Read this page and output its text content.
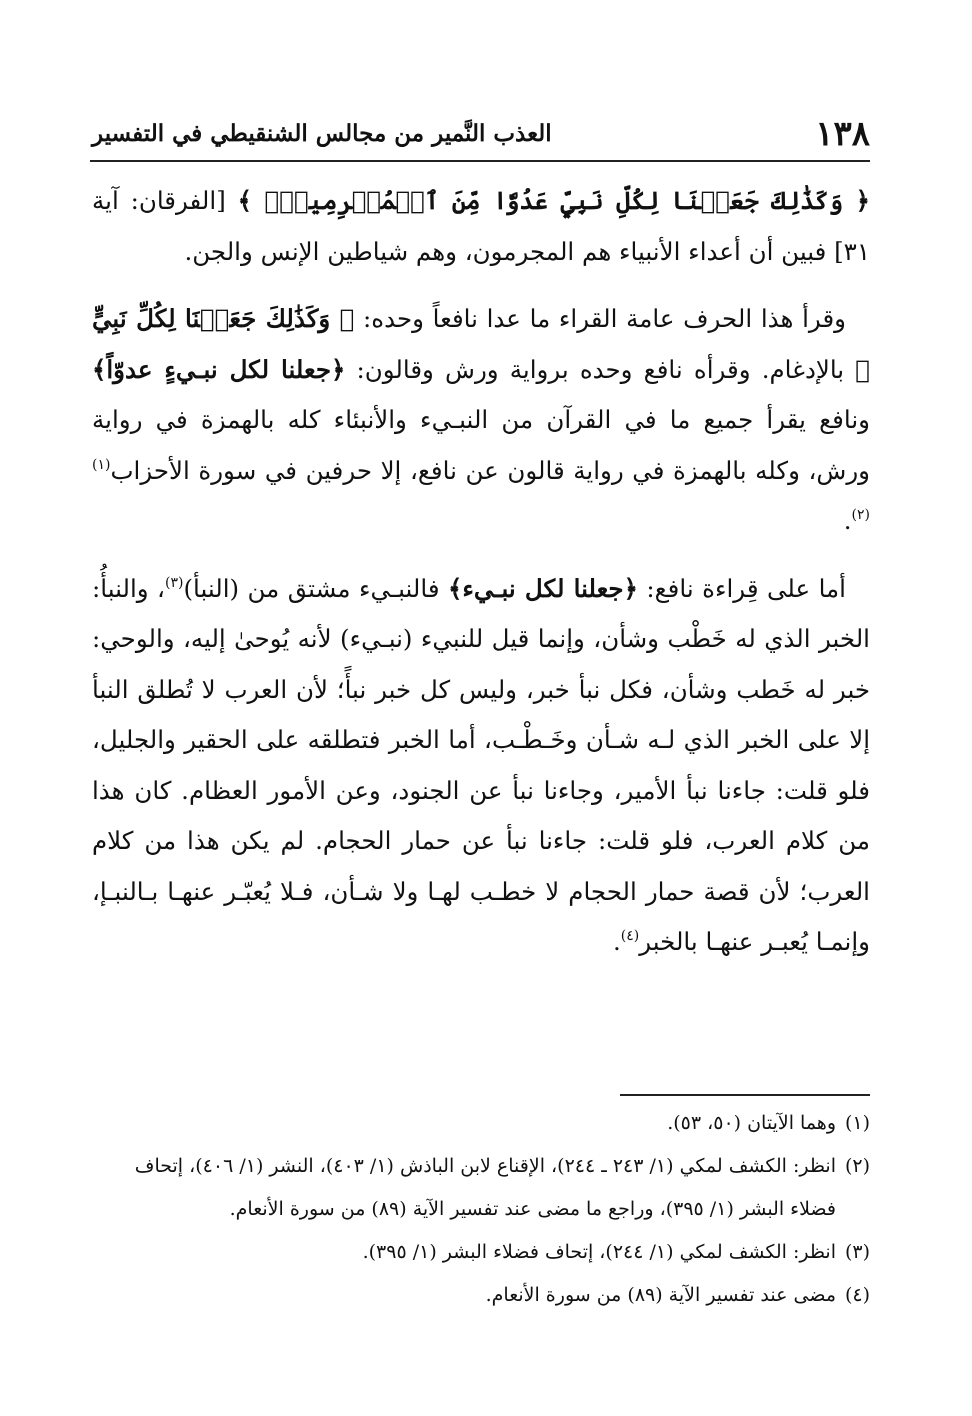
١٣٨
العذب النَّمير من مجالس الشنقيطي في التفسير

﴿ وَكَذَٰلِكَ جَعَلۡنَا لِكُلِّ نَبِيٍّ عَدُوّٗا مِّنَ ٱلۡمُجۡرِمِينَۗ ﴾ [الفرقان: آية ٣١] فبين أن أعداء الأنبياء هم المجرمون، وهم شياطين الإنس والجن.

وقرأ هذا الحرف عامة القراء ما عدا نافعاً وحده: ﴿ وَكَذَٰلِكَ جَعَلۡنَا لِكُلِّ نَبِيٍّ ﴾ بالإدغام. وقرأه نافع وحده برواية ورش وقالون: ﴿جعلنا لكل نبـيءٍ عدوّاً﴾ ونافع يقرأ جميع ما في القرآن من النبـيء والأنبئاء كله بالهمزة في رواية ورش، وكله بالهمزة في رواية قالون عن نافع، إلا حرفين في سورة الأحزاب$^{(١) (٢)}$.

أما على قِراءة نافع: ﴿جعلنا لكل نبـيء﴾ فالنبـيء مشتق من (النبأ)$^{(٣)}$، والنبأُ: الخبر الذي له خَطْب وشأن، وإنما قيل للنبيء (نبـيء) لأنه يُوحىٰ إليه، والوحي: خبر له خَطب وشأن، فكل نبأ خبر، وليس كل خبر نبأً؛ لأن العرب لا تُطلق النبأ إلا على الخبر الذي لـه شـأن وخَـطْـب، أما الخبر فتطلقه على الحقير والجليل، فلو قلت: جاءنا نبأ الأمير، وجاءنا نبأ عن الجنود، وعن الأمور العظام. كان هذا من كلام العرب، فلو قلت: جاءنا نبأ عن حمار الحجام. لم يكن هذا من كلام العرب؛ لأن قصة حمار الحجام لا خطـب لهـا ولا شـأن، فـلا يُعبّـر عنهـا بـالنبـإ، وإنمـا يُعبـر عنهـا بالخبر$^{(٤)}$.

(١)
وهما الآيتان (٥٠، ٥٣).
(٢)
انظر: الكشف لمكي (١/ ٢٤٣ ـ ٢٤٤)، الإقناع لابن الباذش (١/ ٤٠٣)، النشر (١/ ٤٠٦)، إتحاف فضلاء البشر (١/ ٣٩٥)، وراجع ما مضى عند تفسير الآية (٨٩) من سورة الأنعام.
(٣)
انظر: الكشف لمكي (١/ ٢٤٤)، إتحاف فضلاء البشر (١/ ٣٩٥).
(٤)
مضى عند تفسير الآية (٨٩) من سورة الأنعام.
